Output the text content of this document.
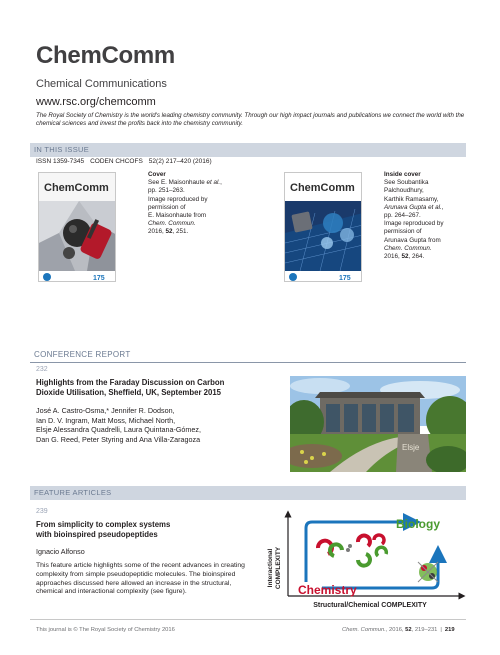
ChemComm
Chemical Communications
www.rsc.org/chemcomm
The Royal Society of Chemistry is the world's leading chemistry community. Through our high impact journals and publications we connect the world with the chemical sciences and invest the profits back into the chemistry community.
IN THIS ISSUE
ISSN 1359-7345 CODEN CHCOFS 52(2) 217–420 (2016)
ChemComm
175
Cover
See E. Maisonhaute et al.,
pp. 251–263.
Image reproduced by
permission of
E. Maisonhaute from
Chem. Commun.
2016, 52, 251.
ChemComm
175
Inside cover
See Soubantika
Palchoudhury,
Karthik Ramasamy,
Arunava Gupta et al.,
pp. 264–267.
Image reproduced by
permission of
Arunava Gupta from
Chem. Commun.
2016, 52, 264.
CONFERENCE REPORT
232
Highlights from the Faraday Discussion on Carbon
Dioxide Utilisation, Sheffield, UK, September 2015
José A. Castro-Osma,* Jennifer R. Dodson,
Ian D. V. Ingram, Matt Moss, Michael North,
Elsje Alessandra Quadrelli, Laura Quintana-Gómez,
Dan G. Reed, Peter Styring and Ana Villa-Zaragoza
Elsje
FEATURE ARTICLES
239
From simplicity to complex systems
with bioinspired pseudopeptides
Ignacio Alfonso
This feature article highlights some of the recent advances in creating complexity from simple pseudopeptidic molecules. The bioinspired approaches discussed here allowed an increase in the structural, chemical and interactional complexity (see figure).
Interactional COMPLEXITY
Structural/Chemical COMPLEXITY
Biology
Chemistry
This journal is © The Royal Society of Chemistry 2016	Chem. Commun., 2016, 52, 219–231 | 219
